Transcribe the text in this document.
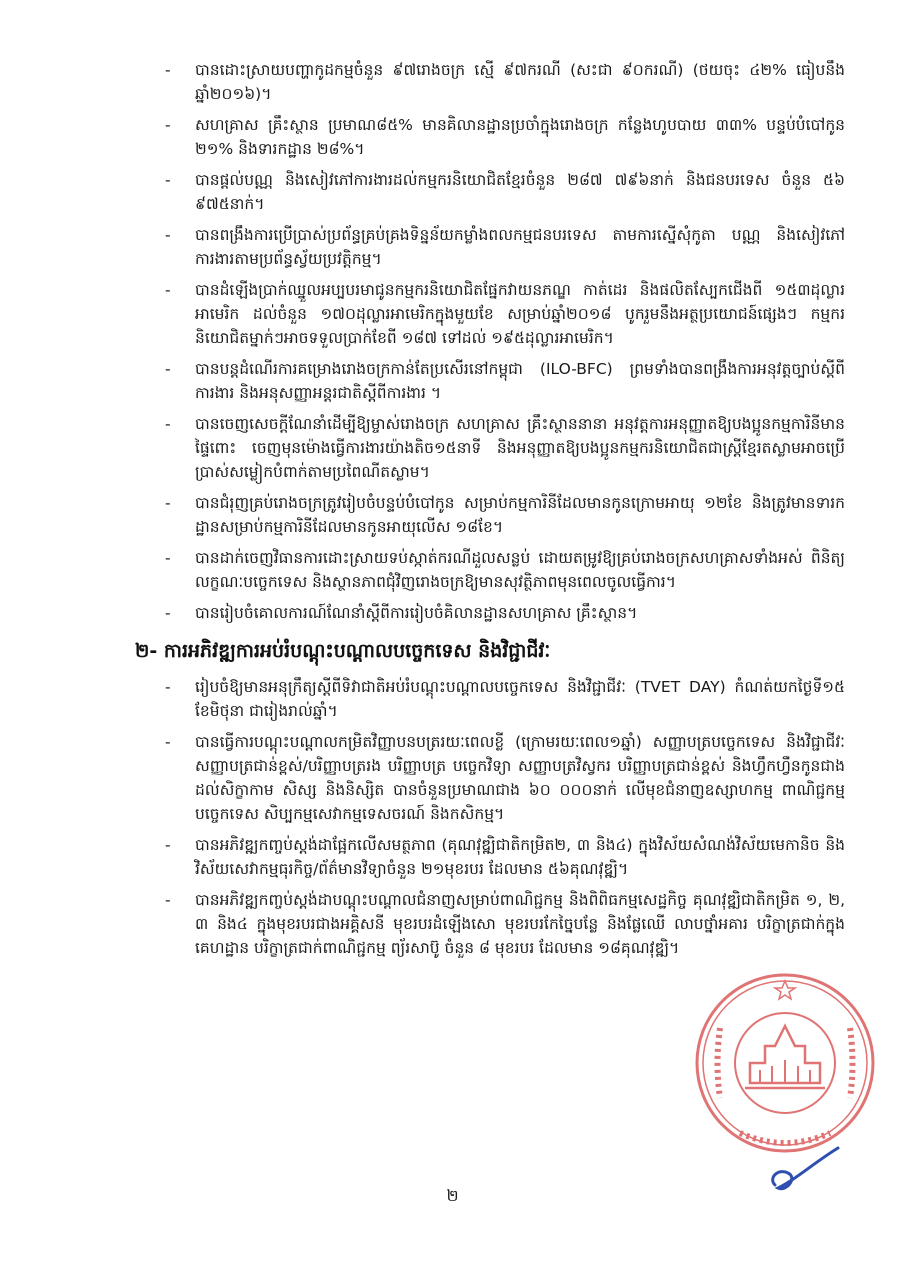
-	បានដោះស្រាយបញ្ហាកូដកម្មចំនួន ៩៧រោងចក្រ ស្មើ ៩៧ករណី (សះជា ៩០ករណី) (ថយចុះ ៤២% ធៀបនឹងឆ្នាំ២០១៦)។
-	សហគ្រាស គ្រឹះស្ថាន ប្រមាណ៨៥% មានគិលានដ្ឋានប្រចាំក្នុងរោងចក្រ កន្លែងហូបបាយ ៣៣% បន្ទប់បំបៅកូន ២១% និងទារកដ្ឋាន ២៨%។
-	បានផ្តល់បណ្ណ និងសៀវភៅការងារដល់កម្មករនិយោជិតខ្មែរចំនួន ២៨៧ ៧៩៦នាក់ និងជនបរទេស ចំនួន ៥៦ ៩៧៥នាក់។
-	បានពង្រឹងការប្រើប្រាស់ប្រព័ន្ធគ្រប់គ្រងទិន្នន័យកម្លាំងពលកម្មជនបរទេស តាមការស្នើសុំកូតា បណ្ណ និងសៀវភៅការងារតាមប្រព័ន្ធស្វ័យប្រវត្តិកម្ម។
-	បានដំឡើងប្រាក់ឈ្នួលអប្បបរមាជូនកម្មករនិយោជិតផ្នែកវាយនភណ្ឌ កាត់ដេរ និងផលិតស្បែកជើងពី ១៥៣ដុល្លារអាមេរិក ដល់ចំនួន ១៧០ដុល្លារអាមេរិកក្នុងមួយខែ សម្រាប់ឆ្នាំ២០១៨ បូករួមនឹងអត្ថប្រយោជន៍ផ្សេងៗ កម្មករនិយោជិតម្នាក់ៗអាចទទួលប្រាក់ខែពី ១៨៧ ទៅដល់ ១៩៥ដុល្លារអាមេរិក។
-	បានបន្តដំណើរការគម្រោងរោងចក្រកាន់តែប្រសើរនៅកម្ពុជា (ILO-BFC) ព្រមទាំងបានពង្រឹងការអនុវត្តច្បាប់ស្តីពីការងារ និងអនុសញ្ញាអន្តរជាតិស្តីពីការងារ ។
-	បានចេញសេចក្តីណែនាំដើម្បីឱ្យម្ចាស់រោងចក្រ សហគ្រាស គ្រឹះស្ថាននានា អនុវត្តការអនុញ្ញាតឱ្យបងប្អូនកម្មការិនីមានផ្ទៃពោះ ចេញមុនម៉ោងធ្វើការងារយ៉ាងតិច១៥នាទី និងអនុញ្ញាតឱ្យបងប្អូនកម្មករនិយោជិតជាស្ត្រីខ្មែរតស្លាមអាចប្រើប្រាស់សម្លៀកបំពាក់តាមប្រពៃណីតស្លាម។
-	បានជំរុញគ្រប់រោងចក្រត្រូវរៀបចំបន្ទប់បំបៅកូន សម្រាប់កម្មការិនីដែលមានកូនក្រោមអាយុ ១២ខែ និងត្រូវមានទារកដ្ឋានសម្រាប់កម្មការិនីដែលមានកូនអាយុលើស ១៨ខែ។
-	បានដាក់ចេញវិធានការដោះស្រាយទប់ស្កាត់ករណីដួលសន្លប់ ដោយតម្រូវឱ្យគ្រប់រោងចក្រសហគ្រាសទាំងអស់ ពិនិត្យលក្ខណៈបច្ចេកទេស និងស្ថានភាពជុំវិញរោងចក្រឱ្យមានសុវត្ថិភាពមុនពេលចូលធ្វើការ។
-	បានរៀបចំគោលការណ៍ណែនាំស្តីពីការរៀបចំគិលានដ្ឋានសហគ្រាស គ្រឹះស្ថាន។
២- ការអភិវឌ្ឍការអប់រំបណ្តុះបណ្តាលបច្ចេកទេស និងវិជ្ជាជីវៈ
-	រៀបចំឱ្យមានអនុក្រឹត្យស្តីពីទិវាជាតិអប់រំបណ្តុះបណ្តាលបច្ចេកទេស និងវិជ្ជាជីវៈ (TVET DAY) កំណត់យកថ្ងៃទី១៥ ខែមិថុនា ជារៀងរាល់ឆ្នាំ។
-	បានធ្វើការបណ្តុះបណ្តាលកម្រិតវិញ្ញាបនបត្ររយៈពេលខ្លី (ក្រោមរយៈពេល១ឆ្នាំ) សញ្ញាបត្របច្ចេកទេស និងវិជ្ជាជីវៈ សញ្ញាបត្រជាន់ខ្ពស់/បរិញ្ញាបត្ររង បរិញ្ញាបត្រ បច្ចេកវិទ្យា សញ្ញាបត្រវិស្វករ បរិញ្ញាបត្រជាន់ខ្ពស់ និងហ្វឹកហ្វឺនកូនជាងដល់សិក្ខាកាម សិស្ស និងនិស្សិត បានចំនួនប្រមាណជាង ៦០ ០០០នាក់ លើមុខជំនាញឧស្សាហកម្ម ពាណិជ្ជកម្ម បច្ចេកទេស សិប្បកម្មសេវាកម្មទេសចរណ៍ និងកសិកម្ម។
-	បានអភិវឌ្ឍកញ្ចប់ស្តង់ដាផ្អែកលើសមត្ថភាព (គុណវុឌ្ឍិជាតិកម្រិត២, ៣ និង៤) ក្នុងវិស័យសំណង់វិស័យមេកានិច និងវិស័យសេវាកម្មធុរកិច្ច/ព័ត៌មានវិទ្យាចំនួន ២១មុខរបរ ដែលមាន ៥៦គុណវុឌ្ឍិ។
-	បានអភិវឌ្ឍកញ្ចប់ស្តង់ដាបណ្តុះបណ្តាលជំនាញសម្រាប់ពាណិជ្ជកម្ម និងពិពិធកម្មសេដ្ឋកិច្ច គុណវុឌ្ឍិជាតិកម្រិត ១, ២, ៣ និង៤ ក្នុងមុខរបរជាងអគ្គិសនី មុខរបរដំឡើងសោ មុខរបរកែច្នៃបន្លែ និងផ្លែឈើ លាបថ្នាំអគារ បរិក្ខាត្រជាក់ក្នុងគេហដ្ឋាន បរិក្ខាត្រជាក់ពាណិជ្ជកម្ម ព្យ័រសាប៊ូ ចំនួន ៨ មុខរបរ ដែលមាន ១៨គុណវុឌ្ឍិ។
២
